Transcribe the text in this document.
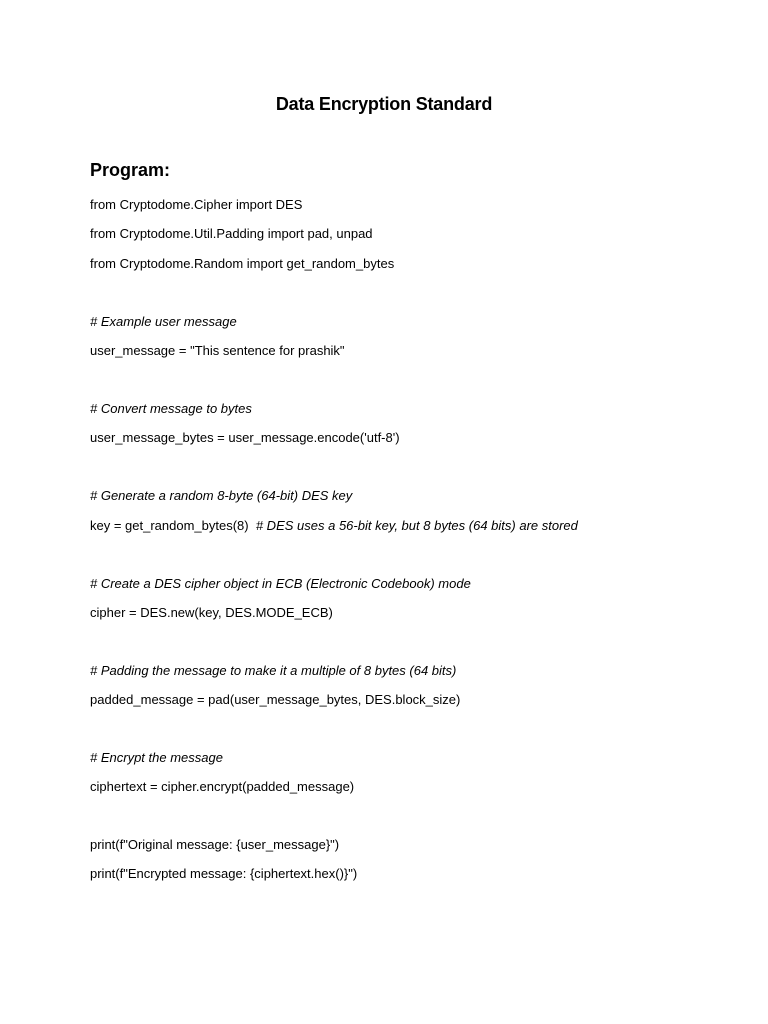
Data Encryption Standard
Program:
from Cryptodome.Cipher import DES
from Cryptodome.Util.Padding import pad, unpad
from Cryptodome.Random import get_random_bytes
# Example user message
user_message = "This sentence for prashik"
# Convert message to bytes
user_message_bytes = user_message.encode('utf-8')
# Generate a random 8-byte (64-bit) DES key
key = get_random_bytes(8)  # DES uses a 56-bit key, but 8 bytes (64 bits) are stored
# Create a DES cipher object in ECB (Electronic Codebook) mode
cipher = DES.new(key, DES.MODE_ECB)
# Padding the message to make it a multiple of 8 bytes (64 bits)
padded_message = pad(user_message_bytes, DES.block_size)
# Encrypt the message
ciphertext = cipher.encrypt(padded_message)
print(f"Original message: {user_message}")
print(f"Encrypted message: {ciphertext.hex()}")
